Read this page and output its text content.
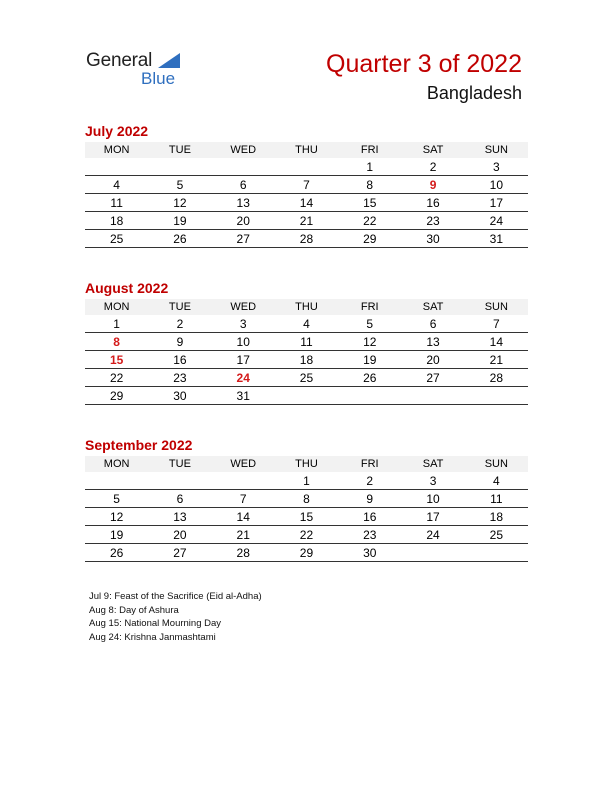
General
Blue
Quarter 3 of 2022
Bangladesh
July 2022
MON	TUE	WED	THU	FRI	SAT	SUN
				1	2	3
4	5	6	7	8	9	10
11	12	13	14	15	16	17
18	19	20	21	22	23	24
25	26	27	28	29	30	31
August 2022
MON	TUE	WED	THU	FRI	SAT	SUN
1	2	3	4	5	6	7
8	9	10	11	12	13	14
15	16	17	18	19	20	21
22	23	24	25	26	27	28
29	30	31				
September 2022
MON	TUE	WED	THU	FRI	SAT	SUN
			1	2	3	4
5	6	7	8	9	10	11
12	13	14	15	16	17	18
19	20	21	22	23	24	25
26	27	28	29	30		
Jul 9: Feast of the Sacrifice (Eid al-Adha)
Aug 8: Day of Ashura
Aug 15: National Mourning Day
Aug 24: Krishna Janmashtami
